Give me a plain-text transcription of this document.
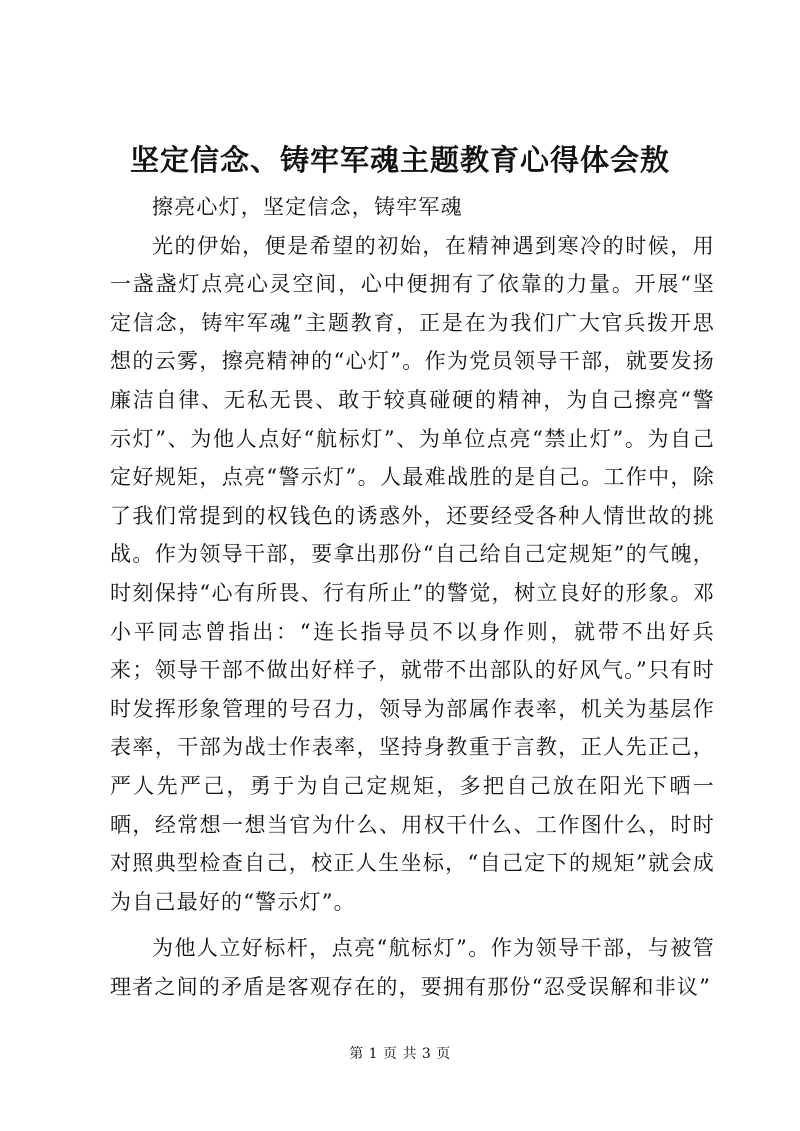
坚定信念、铸牢军魂主题教育心得体会敖

擦亮心灯，坚定信念，铸牢军魂

光的伊始，便是希望的初始，在精神遇到寒冷的时候，用一盏盏灯点亮心灵空间，心中便拥有了依靠的力量。开展“坚定信念，铸牢军魂”主题教育，正是在为我们广大官兵拨开思想的云雾，擦亮精神的“心灯”。作为党员领导干部，就要发扬廉洁自律、无私无畏、敢于较真碰硬的精神，为自己擦亮“警示灯”、为他人点好“航标灯”、为单位点亮“禁止灯”。为自己定好规矩，点亮“警示灯”。人最难战胜的是自己。工作中，除了我们常提到的权钱色的诱惑外，还要经受各种人情世故的挑战。作为领导干部，要拿出那份“自己给自己定规矩”的气魄，时刻保持“心有所畏、行有所止”的警觉，树立良好的形象。邓小平同志曾指出：“连长指导员不以身作则，就带不出好兵来；领导干部不做出好样子，就带不出部队的好风气。”只有时时发挥形象管理的号召力，领导为部属作表率，机关为基层作表率，干部为战士作表率，坚持身教重于言教，正人先正己，严人先严己，勇于为自己定规矩，多把自己放在阳光下晒一晒，经常想一想当官为什么、用权干什么、工作图什么，时时对照典型检查自己，校正人生坐标，“自己定下的规矩”就会成为自己最好的“警示灯”。

为他人立好标杆，点亮“航标灯”。作为领导干部，与被管理者之间的矛盾是客观存在的，要拥有那份“忍受误解和非议”

第 1 页 共 3 页
